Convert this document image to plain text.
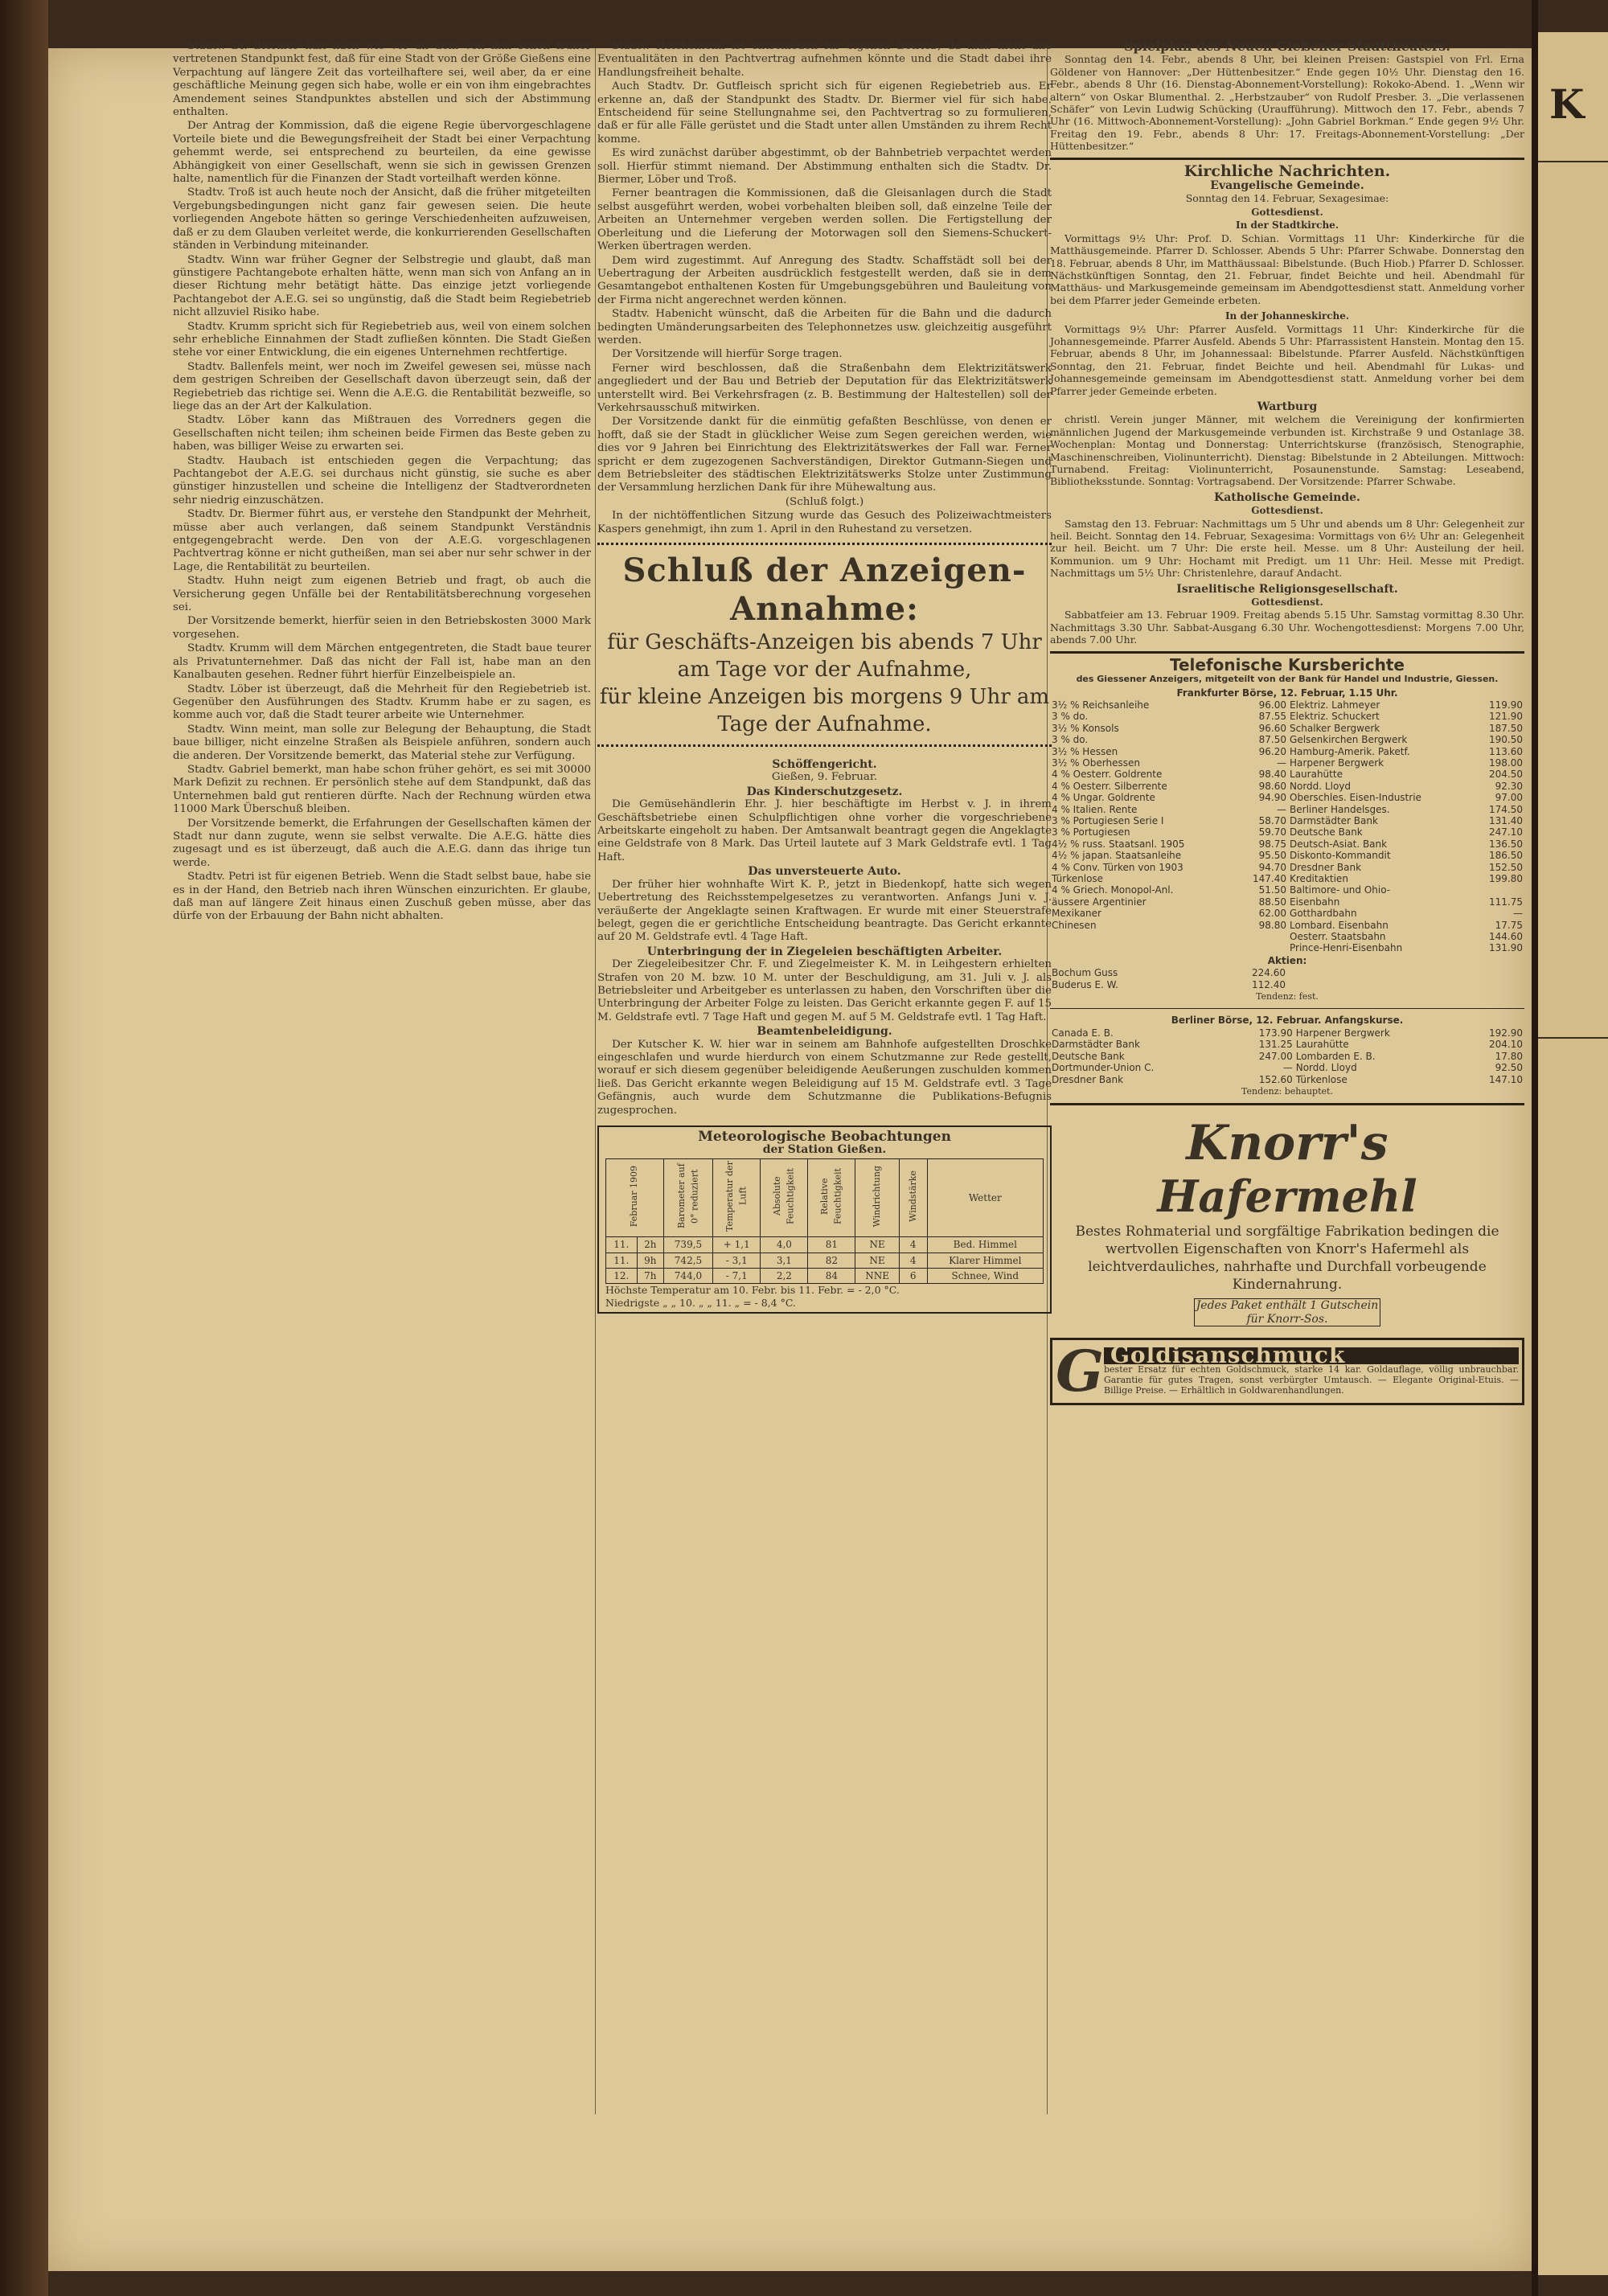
K

Stadtv. Dr. Biermer hält nach wie vor an dem von ihm schon früher vertretenen Standpunkt fest, daß für eine Stadt von der Größe Gießens eine Verpachtung auf längere Zeit das vorteilhaftere sei, weil aber, da er eine geschäftliche Meinung gegen sich habe, wolle er ein von ihm eingebrachtes Amendement seines Standpunktes abstellen und sich der Abstimmung enthalten.

Der Antrag der Kommission, daß die eigene Regie übervorgeschlagene Vorteile biete und die Bewegungsfreiheit der Stadt bei einer Verpachtung gehemmt werde, sei entsprechend zu beurteilen, da eine gewisse Abhängigkeit von einer Gesellschaft, wenn sie sich in gewissen Grenzen halte, namentlich für die Finanzen der Stadt vorteilhaft werden könne.

Stadtv. Troß ist auch heute noch der Ansicht, daß die früher mitgeteilten Vergebungsbedingungen nicht ganz fair gewesen seien. Die heute vorliegenden Angebote hätten so geringe Verschiedenheiten aufzuweisen, daß er zu dem Glauben verleitet werde, die konkurrierenden Gesellschaften ständen in Verbindung miteinander.

Stadtv. Winn war früher Gegner der Selbstregie und glaubt, daß man günstigere Pachtangebote erhalten hätte, wenn man sich von Anfang an in dieser Richtung mehr betätigt hätte. Das einzige jetzt vorliegende Pachtangebot der A.E.G. sei so ungünstig, daß die Stadt beim Regiebetrieb nicht allzuviel Risiko habe.

Stadtv. Krumm spricht sich für Regiebetrieb aus, weil von einem solchen sehr erhebliche Einnahmen der Stadt zufließen könnten. Die Stadt Gießen stehe vor einer Entwicklung, die ein eigenes Unternehmen rechtfertige.

Stadtv. Ballenfels meint, wer noch im Zweifel gewesen sei, müsse nach dem gestrigen Schreiben der Gesellschaft davon überzeugt sein, daß der Regiebetrieb das richtige sei. Wenn die A.E.G. die Rentabilität bezweifle, so liege das an der Art der Kalkulation.

Stadtv. Löber kann das Mißtrauen des Vorredners gegen die Gesellschaften nicht teilen; ihm scheinen beide Firmen das Beste geben zu haben, was billiger Weise zu erwarten sei.

Stadtv. Haubach ist entschieden gegen die Verpachtung; das Pachtangebot der A.E.G. sei durchaus nicht günstig, sie suche es aber günstiger hinzustellen und scheine die Intelligenz der Stadtverordneten sehr niedrig einzuschätzen.

Stadtv. Dr. Biermer führt aus, er verstehe den Standpunkt der Mehrheit, müsse aber auch verlangen, daß seinem Standpunkt Verständnis entgegengebracht werde. Den von der A.E.G. vorgeschlagenen Pachtvertrag könne er nicht gutheißen, man sei aber nur sehr schwer in der Lage, die Rentabilität zu beurteilen.

Stadtv. Huhn neigt zum eigenen Betrieb und fragt, ob auch die Versicherung gegen Unfälle bei der Rentabilitätsberechnung vorgesehen sei.

Der Vorsitzende bemerkt, hierfür seien in den Betriebskosten 3000 Mark vorgesehen.

Stadtv. Krumm will dem Märchen entgegentreten, die Stadt baue teurer als Privatunternehmer. Daß das nicht der Fall ist, habe man an den Kanalbauten gesehen. Redner führt hierfür Einzelbeispiele an.

Stadtv. Löber ist überzeugt, daß die Mehrheit für den Regiebetrieb ist. Gegenüber den Ausführungen des Stadtv. Krumm habe er zu sagen, es komme auch vor, daß die Stadt teurer arbeite wie Unternehmer.

Stadtv. Winn meint, man solle zur Belegung der Behauptung, die Stadt baue billiger, nicht einzelne Straßen als Beispiele anführen, sondern auch die anderen. Der Vorsitzende bemerkt, das Material stehe zur Verfügung.

Stadtv. Gabriel bemerkt, man habe schon früher gehört, es sei mit 30000 Mark Defizit zu rechnen. Er persönlich stehe auf dem Standpunkt, daß das Unternehmen bald gut rentieren dürfte. Nach der Rechnung würden etwa 11000 Mark Überschuß bleiben.

Der Vorsitzende bemerkt, die Erfahrungen der Gesellschaften kämen der Stadt nur dann zugute, wenn sie selbst verwalte. Die A.E.G. hätte dies zugesagt und es ist überzeugt, daß auch die A.E.G. dann das ihrige tun werde.

Stadtv. Petri ist für eigenen Betrieb. Wenn die Stadt selbst baue, habe sie es in der Hand, den Betrieb nach ihren Wünschen einzurichten. Er glaube, daß man auf längere Zeit hinaus einen Zuschuß geben müsse, aber das dürfe von der Erbauung der Bahn nicht abhalten.

Stadtv. Heichelheim ist entschieden für eigenen Betrieb, da man nicht alle Eventualitäten in den Pachtvertrag aufnehmen könnte und die Stadt dabei ihre Handlungsfreiheit behalte.

Auch Stadtv. Dr. Gutfleisch spricht sich für eigenen Regiebetrieb aus. Er erkenne an, daß der Standpunkt des Stadtv. Dr. Biermer viel für sich habe. Entscheidend für seine Stellungnahme sei, den Pachtvertrag so zu formulieren, daß er für alle Fälle gerüstet und die Stadt unter allen Umständen zu ihrem Recht komme.

Es wird zunächst darüber abgestimmt, ob der Bahnbetrieb verpachtet werden soll. Hierfür stimmt niemand. Der Abstimmung enthalten sich die Stadtv. Dr. Biermer, Löber und Troß.

Ferner beantragen die Kommissionen, daß die Gleisanlagen durch die Stadt selbst ausgeführt werden, wobei vorbehalten bleiben soll, daß einzelne Teile der Arbeiten an Unternehmer vergeben werden sollen. Die Fertigstellung der Oberleitung und die Lieferung der Motorwagen soll den Siemens-Schuckert-Werken übertragen werden.

Dem wird zugestimmt. Auf Anregung des Stadtv. Schaffstädt soll bei der Uebertragung der Arbeiten ausdrücklich festgestellt werden, daß sie in dem Gesamtangebot enthaltenen Kosten für Umgebungsgebühren und Bauleitung von der Firma nicht angerechnet werden können.

Stadtv. Habenicht wünscht, daß die Arbeiten für die Bahn und die dadurch bedingten Umänderungsarbeiten des Telephonnetzes usw. gleichzeitig ausgeführt werden.

Der Vorsitzende will hierfür Sorge tragen.

Ferner wird beschlossen, daß die Straßenbahn dem Elektrizitätswerk angegliedert und der Bau und Betrieb der Deputation für das Elektrizitätswerk unterstellt wird. Bei Verkehrsfragen (z. B. Bestimmung der Haltestellen) soll der Verkehrsausschuß mitwirken.

Der Vorsitzende dankt für die einmütig gefaßten Beschlüsse, von denen er hofft, daß sie der Stadt in glücklicher Weise zum Segen gereichen werden, wie dies vor 9 Jahren bei Einrichtung des Elektrizitätswerkes der Fall war. Ferner spricht er dem zugezogenen Sachverständigen, Direktor Gutmann-Siegen und dem Betriebsleiter des städtischen Elektrizitätswerks Stolze unter Zustimmung der Versammlung herzlichen Dank für ihre Mühewaltung aus.

(Schluß folgt.)

In der nichtöffentlichen Sitzung wurde das Gesuch des Polizeiwachtmeisters Kaspers genehmigt, ihn zum 1. April in den Ruhestand zu versetzen.

Schluß der Anzeigen-Annahme:
für Geschäfts-Anzeigen bis abends 7 Uhr am Tage vor der Aufnahme,
für kleine Anzeigen bis morgens 9 Uhr am Tage der Aufnahme.
Schöffengericht.

Gießen, 9. Februar.

Das Kinderschutzgesetz.

Die Gemüsehändlerin Ehr. J. hier beschäftigte im Herbst v. J. in ihrem Geschäftsbetriebe einen Schulpflichtigen ohne vorher die vorgeschriebene Arbeitskarte eingeholt zu haben. Der Amtsanwalt beantragt gegen die Angeklagte eine Geldstrafe von 8 Mark. Das Urteil lautete auf 3 Mark Geldstrafe evtl. 1 Tag Haft.

Das unversteuerte Auto.

Der früher hier wohnhafte Wirt K. P., jetzt in Biedenkopf, hatte sich wegen Uebertretung des Reichsstempelgesetzes zu verantworten. Anfangs Juni v. J. veräußerte der Angeklagte seinen Kraftwagen. Er wurde mit einer Steuerstrafe belegt, gegen die er gerichtliche Entscheidung beantragte. Das Gericht erkannte auf 20 M. Geldstrafe evtl. 4 Tage Haft.

Unterbringung der in Ziegeleien beschäftigten Arbeiter.

Der Ziegeleibesitzer Chr. F. und Ziegelmeister K. M. in Leihgestern erhielten Strafen von 20 M. bzw. 10 M. unter der Beschuldigung, am 31. Juli v. J. als Betriebsleiter und Arbeitgeber es unterlassen zu haben, den Vorschriften über die Unterbringung der Arbeiter Folge zu leisten. Das Gericht erkannte gegen F. auf 15 M. Geldstrafe evtl. 7 Tage Haft und gegen M. auf 5 M. Geldstrafe evtl. 1 Tag Haft.

Beamtenbeleidigung.

Der Kutscher K. W. hier war in seinem am Bahnhofe aufgestellten Droschke eingeschlafen und wurde hierdurch von einem Schutzmanne zur Rede gestellt, worauf er sich diesem gegenüber beleidigende Aeußerungen zuschulden kommen ließ. Das Gericht erkannte wegen Beleidigung auf 15 M. Geldstrafe evtl. 3 Tage Gefängnis, auch wurde dem Schutzmanne die Publikations-Befugnis zugesprochen.

Meteorologische Beobachtungen
der Station Gießen.
Februar 1909		Barometer auf 0° reduziert	Temperatur der Luft	Absolute Feuchtigkeit	Relative Feuchtigkeit	Windrichtung	Windstärke	Wetter
11.	2h	739,5	+ 1,1	4,0	81	NE	4	Bed. Himmel
11.	9h	742,5	- 3,1	3,1	82	NE	4	Klarer Himmel
12.	7h	744,0	- 7,1	2,2	84	NNE	6	Schnee, Wind
Höchste Temperatur am 10. Febr. bis 11. Febr. = - 2,0 °C.
Niedrigste „ „ 10. „ „ 11. „ = - 8,4 °C.
Spielplan des Neuen Gießener Stadttheaters.

Sonntag den 14. Febr., abends 8 Uhr, bei kleinen Preisen: Gastspiel von Frl. Erna Göldener von Hannover: „Der Hüttenbesitzer.“ Ende gegen 10½ Uhr. Dienstag den 16. Febr., abends 8 Uhr (16. Dienstag-Abonnement-Vorstellung): Rokoko-Abend. 1. „Wenn wir altern“ von Oskar Blumenthal. 2. „Herbstzauber“ von Rudolf Presber. 3. „Die verlassenen Schäfer“ von Levin Ludwig Schücking (Uraufführung). Mittwoch den 17. Febr., abends 7 Uhr (16. Mittwoch-Abonnement-Vorstellung): „John Gabriel Borkman.“ Ende gegen 9½ Uhr. Freitag den 19. Febr., abends 8 Uhr: 17. Freitags-Abonnement-Vorstellung: „Der Hüttenbesitzer.“

Kirchliche Nachrichten.
Evangelische Gemeinde.

Sonntag den 14. Februar, Sexagesimae:

Gottesdienst.
In der Stadtkirche.

Vormittags 9½ Uhr: Prof. D. Schian. Vormittags 11 Uhr: Kinderkirche für die Matthäusgemeinde. Pfarrer D. Schlosser. Abends 5 Uhr: Pfarrer Schwabe. Donnerstag den 18. Februar, abends 8 Uhr, im Matthäussaal: Bibelstunde. (Buch Hiob.) Pfarrer D. Schlosser. Nächstkünftigen Sonntag, den 21. Februar, findet Beichte und heil. Abendmahl für Matthäus- und Markusgemeinde gemeinsam im Abendgottesdienst statt. Anmeldung vorher bei dem Pfarrer jeder Gemeinde erbeten.

In der Johanneskirche.

Vormittags 9½ Uhr: Pfarrer Ausfeld. Vormittags 11 Uhr: Kinderkirche für die Johannesgemeinde. Pfarrer Ausfeld. Abends 5 Uhr: Pfarrassistent Hanstein. Montag den 15. Februar, abends 8 Uhr, im Johannessaal: Bibelstunde. Pfarrer Ausfeld. Nächstkünftigen Sonntag, den 21. Februar, findet Beichte und heil. Abendmahl für Lukas- und Johannesgemeinde gemeinsam im Abendgottesdienst statt. Anmeldung vorher bei dem Pfarrer jeder Gemeinde erbeten.

Wartburg

christl. Verein junger Männer, mit welchem die Vereinigung der konfirmierten männlichen Jugend der Markusgemeinde verbunden ist. Kirchstraße 9 und Ostanlage 38. Wochenplan: Montag und Donnerstag: Unterrichtskurse (französisch, Stenographie, Maschinenschreiben, Violinunterricht). Dienstag: Bibelstunde in 2 Abteilungen. Mittwoch: Turnabend. Freitag: Violinunterricht, Posaunenstunde. Samstag: Leseabend, Bibliotheksstunde. Sonntag: Vortragsabend. Der Vorsitzende: Pfarrer Schwabe.

Katholische Gemeinde.
Gottesdienst.

Samstag den 13. Februar: Nachmittags um 5 Uhr und abends um 8 Uhr: Gelegenheit zur heil. Beicht. Sonntag den 14. Februar, Sexagesima: Vormittags von 6½ Uhr an: Gelegenheit zur heil. Beicht. um 7 Uhr: Die erste heil. Messe. um 8 Uhr: Austeilung der heil. Kommunion. um 9 Uhr: Hochamt mit Predigt. um 11 Uhr: Heil. Messe mit Predigt. Nachmittags um 5½ Uhr: Christenlehre, darauf Andacht.

Israelitische Religionsgesellschaft.
Gottesdienst.

Sabbatfeier am 13. Februar 1909. Freitag abends 5.15 Uhr. Samstag vormittag 8.30 Uhr. Nachmittags 3.30 Uhr. Sabbat-Ausgang 6.30 Uhr. Wochengottesdienst: Morgens 7.00 Uhr, abends 7.00 Uhr.

Telefonische Kursberichte
des Giessener Anzeigers, mitgeteilt von der Bank für Handel und Industrie, Giessen.
Frankfurter Börse, 12. Februar, 1.15 Uhr.
3½ % Reichsanleihe	96.00	Elektriz. Lahmeyer	119.90
3 % do.	87.55	Elektriz. Schuckert	121.90
3½ % Konsols	96.60	Schalker Bergwerk	187.50
3 % do.	87.50	Gelsenkirchen Bergwerk	190.50
3½ % Hessen	96.20	Hamburg-Amerik. Paketf.	113.60
3½ % Oberhessen	—	Harpener Bergwerk	198.00
4 % Oesterr. Goldrente	98.40	Laurahütte	204.50
4 % Oesterr. Silberrente	98.60	Nordd. Lloyd	92.30
4 % Ungar. Goldrente	94.90	Oberschles. Eisen-Industrie	97.00
4 % Italien. Rente	—	Berliner Handelsges.	174.50
3 % Portugiesen Serie I	58.70	Darmstädter Bank	131.40
3 % Portugiesen	59.70	Deutsche Bank	247.10
4½ % russ. Staatsanl. 1905	98.75	Deutsch-Asiat. Bank	136.50
4½ % japan. Staatsanleihe	95.50	Diskonto-Kommandit	186.50
4 % Conv. Türken von 1903	94.70	Dresdner Bank	152.50
Türkenlose	147.40	Kreditaktien	199.80
4 % Griech. Monopol-Anl.	51.50	Baltimore- und Ohio-	
äussere Argentinier	88.50	Eisenbahn	111.75
Mexikaner	62.00	Gotthardbahn	—
Chinesen	98.80	Lombard. Eisenbahn	17.75
		Oesterr. Staatsbahn	144.60
		Prince-Henri-Eisenbahn	131.90
Aktien:
Bochum Guss	224.60
Buderus E. W.	112.40
Tendenz: fest.
Berliner Börse, 12. Februar. Anfangskurse.
Canada E. B.	173.90	Harpener Bergwerk	192.90
Darmstädter Bank	131.25	Laurahütte	204.10
Deutsche Bank	247.00	Lombarden E. B.	17.80
Dortmunder-Union C.	—	Nordd. Lloyd	92.50
Dresdner Bank	152.60	Türkenlose	147.10
Tendenz: behauptet.
Knorr's
Hafermehl
Bestes Rohmaterial und sorgfältige Fabrikation bedingen die wertvollen Eigenschaften von Knorr's Hafermehl als leichtverdauliches, nahrhafte und Durchfall vorbeugende Kindernahrung.
Jedes Paket enthält 1 Gutschein für Knorr-Sos.
G Goldisanschmuck
bester Ersatz für echten Goldschmuck, starke 14 kar. Goldauflage, völlig unbrauchbar. Garantie für gutes Tragen, sonst verbürgter Umtausch. — Elegante Original-Etuis. — Billige Preise. — Erhältlich in Goldwarenhandlungen.
